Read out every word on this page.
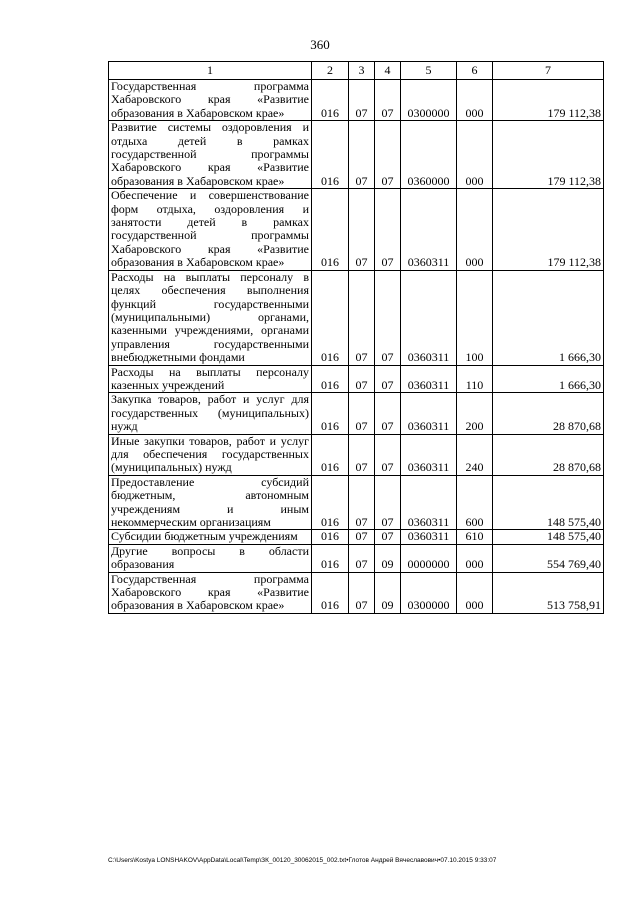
360
1	2	3	4	5	6	7
Государственная программа Хабаровского края «Развитие образования в Хабаровском крае»	016	07	07	0300000	000	179 112,38
Развитие системы оздоровления и отдыха детей в рамках государственной программы Хабаровского края «Развитие образования в Хабаровском крае»	016	07	07	0360000	000	179 112,38
Обеспечение и совершенствование форм отдыха, оздоровления и занятости детей в рамках государственной программы Хабаровского края «Развитие образования в Хабаровском крае»	016	07	07	0360311	000	179 112,38
Расходы на выплаты персоналу в целях обеспечения выполнения функций государственными (муниципальными) органами, казенными учреждениями, органами управления государственными внебюджетными фондами	016	07	07	0360311	100	1 666,30
Расходы на выплаты персоналу казенных учреждений	016	07	07	0360311	110	1 666,30
Закупка товаров, работ и услуг для государственных (муниципальных) нужд	016	07	07	0360311	200	28 870,68
Иные закупки товаров, работ и услуг для обеспечения государственных (муниципальных) нужд	016	07	07	0360311	240	28 870,68
Предоставление субсидий бюджетным, автономным учреждениям и иным некоммерческим организациям	016	07	07	0360311	600	148 575,40
Субсидии бюджетным учреждениям	016	07	07	0360311	610	148 575,40
Другие вопросы в области образования	016	07	09	0000000	000	554 769,40
Государственная программа Хабаровского края «Развитие образования в Хабаровском крае»	016	07	09	0300000	000	513 758,91
C:\Users\Kostya LONSHAKOV\AppData\Local\Temp\ЗК_00120_30062015_002.txt•Глотов Андрей Вячеславович•07.10.2015 9:33:07
